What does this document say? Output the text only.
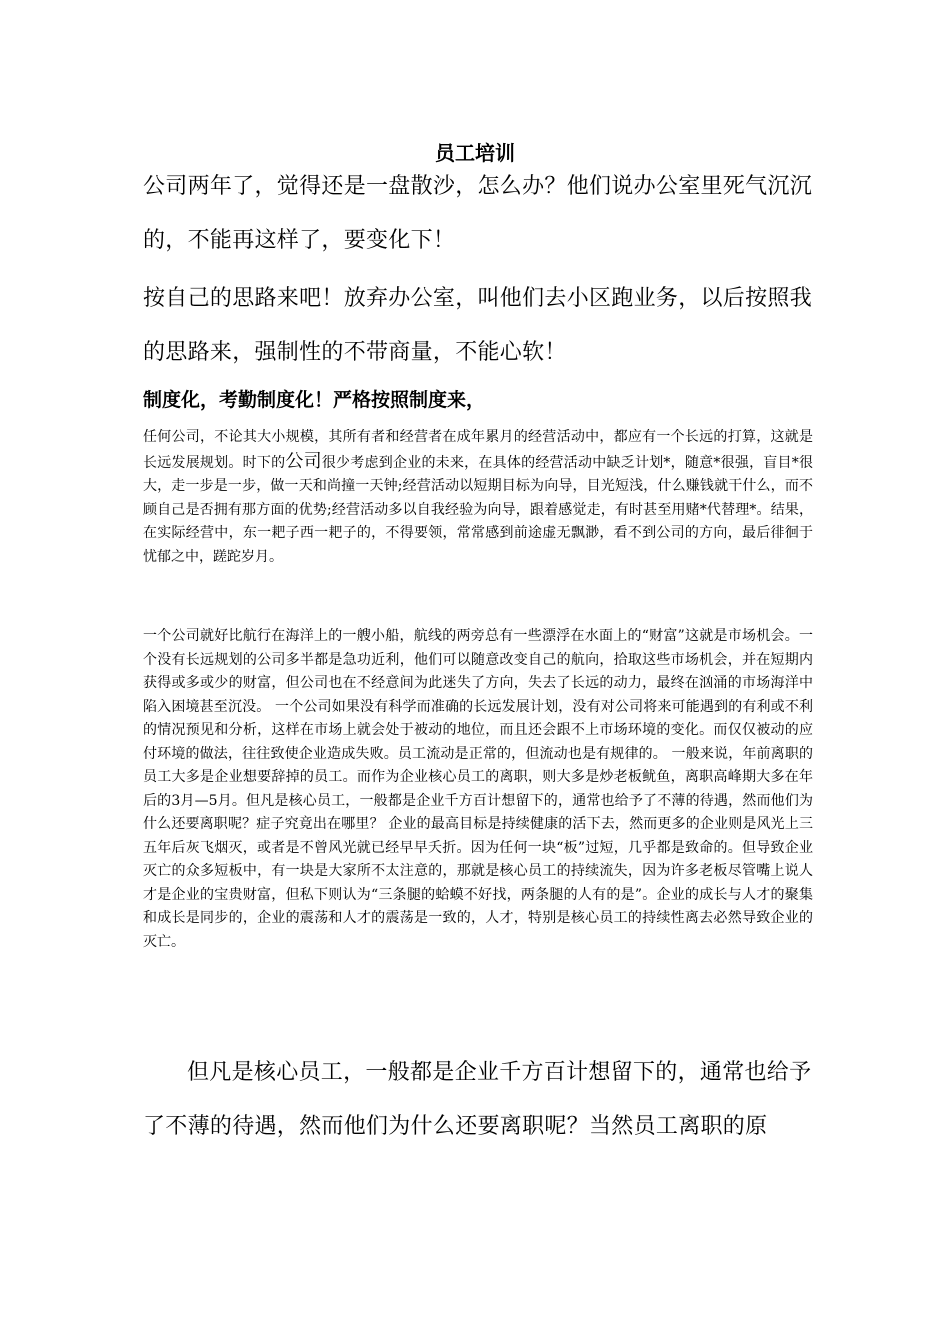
员工培训
公司两年了，觉得还是一盘散沙，怎么办？他们说办公室里死气沉沉的，不能再这样了，要变化下！
按自己的思路来吧！放弃办公室，叫他们去小区跑业务，以后按照我的思路来，强制性的不带商量，不能心软！
制度化，考勤制度化！严格按照制度来，
任何公司，不论其大小规模，其所有者和经营者在成年累月的经营活动中，都应有一个长远的打算，这就是长远发展规划。时下的公司很少考虑到企业的未来，在具体的经营活动中缺乏计划*，随意*很强，盲目*很大，走一步是一步，做一天和尚撞一天钟;经营活动以短期目标为向导，目光短浅，什么赚钱就干什么，而不顾自己是否拥有那方面的优势;经营活动多以自我经验为向导，跟着感觉走，有时甚至用赌*代替理*。结果，在实际经营中，东一耙子西一耙子的，不得要领，常常感到前途虚无飘渺，看不到公司的方向，最后徘徊于忧郁之中，蹉跎岁月。
一个公司就好比航行在海洋上的一艘小船，航线的两旁总有一些漂浮在水面上的“财富”这就是市场机会。一个没有长远规划的公司多半都是急功近利，他们可以随意改变自己的航向，拾取这些市场机会，并在短期内获得或多或少的财富，但公司也在不经意间为此迷失了方向，失去了长远的动力，最终在汹涌的市场海洋中陷入困境甚至沉没。 一个公司如果没有科学而准确的长远发展计划，没有对公司将来可能遇到的有利或不利的情况预见和分析，这样在市场上就会处于被动的地位，而且还会跟不上市场环境的变化。而仅仅被动的应付环境的做法，往往致使企业造成失败。员工流动是正常的，但流动也是有规律的。 一般来说，年前离职的员工大多是企业想要辞掉的员工。而作为企业核心员工的离职，则大多是炒老板鱿鱼，离职高峰期大多在年后的3月—5月。但凡是核心员工，一般都是企业千方百计想留下的，通常也给予了不薄的待遇，然而他们为什么还要离职呢？症子究竟出在哪里？ 企业的最高目标是持续健康的活下去，然而更多的企业则是风光上三五年后灰飞烟灭，或者是不曾风光就已经早早夭折。因为任何一块“板”过短，几乎都是致命的。但导致企业灭亡的众多短板中，有一块是大家所不太注意的，那就是核心员工的持续流失，因为许多老板尽管嘴上说人才是企业的宝贵财富，但私下则认为“三条腿的蛤蟆不好找，两条腿的人有的是”。企业的成长与人才的聚集和成长是同步的，企业的震荡和人才的震荡是一致的，人才，特别是核心员工的持续性离去必然导致企业的灭亡。
但凡是核心员工，一般都是企业千方百计想留下的，通常也给予了不薄的待遇，然而他们为什么还要离职呢？当然员工离职的原
